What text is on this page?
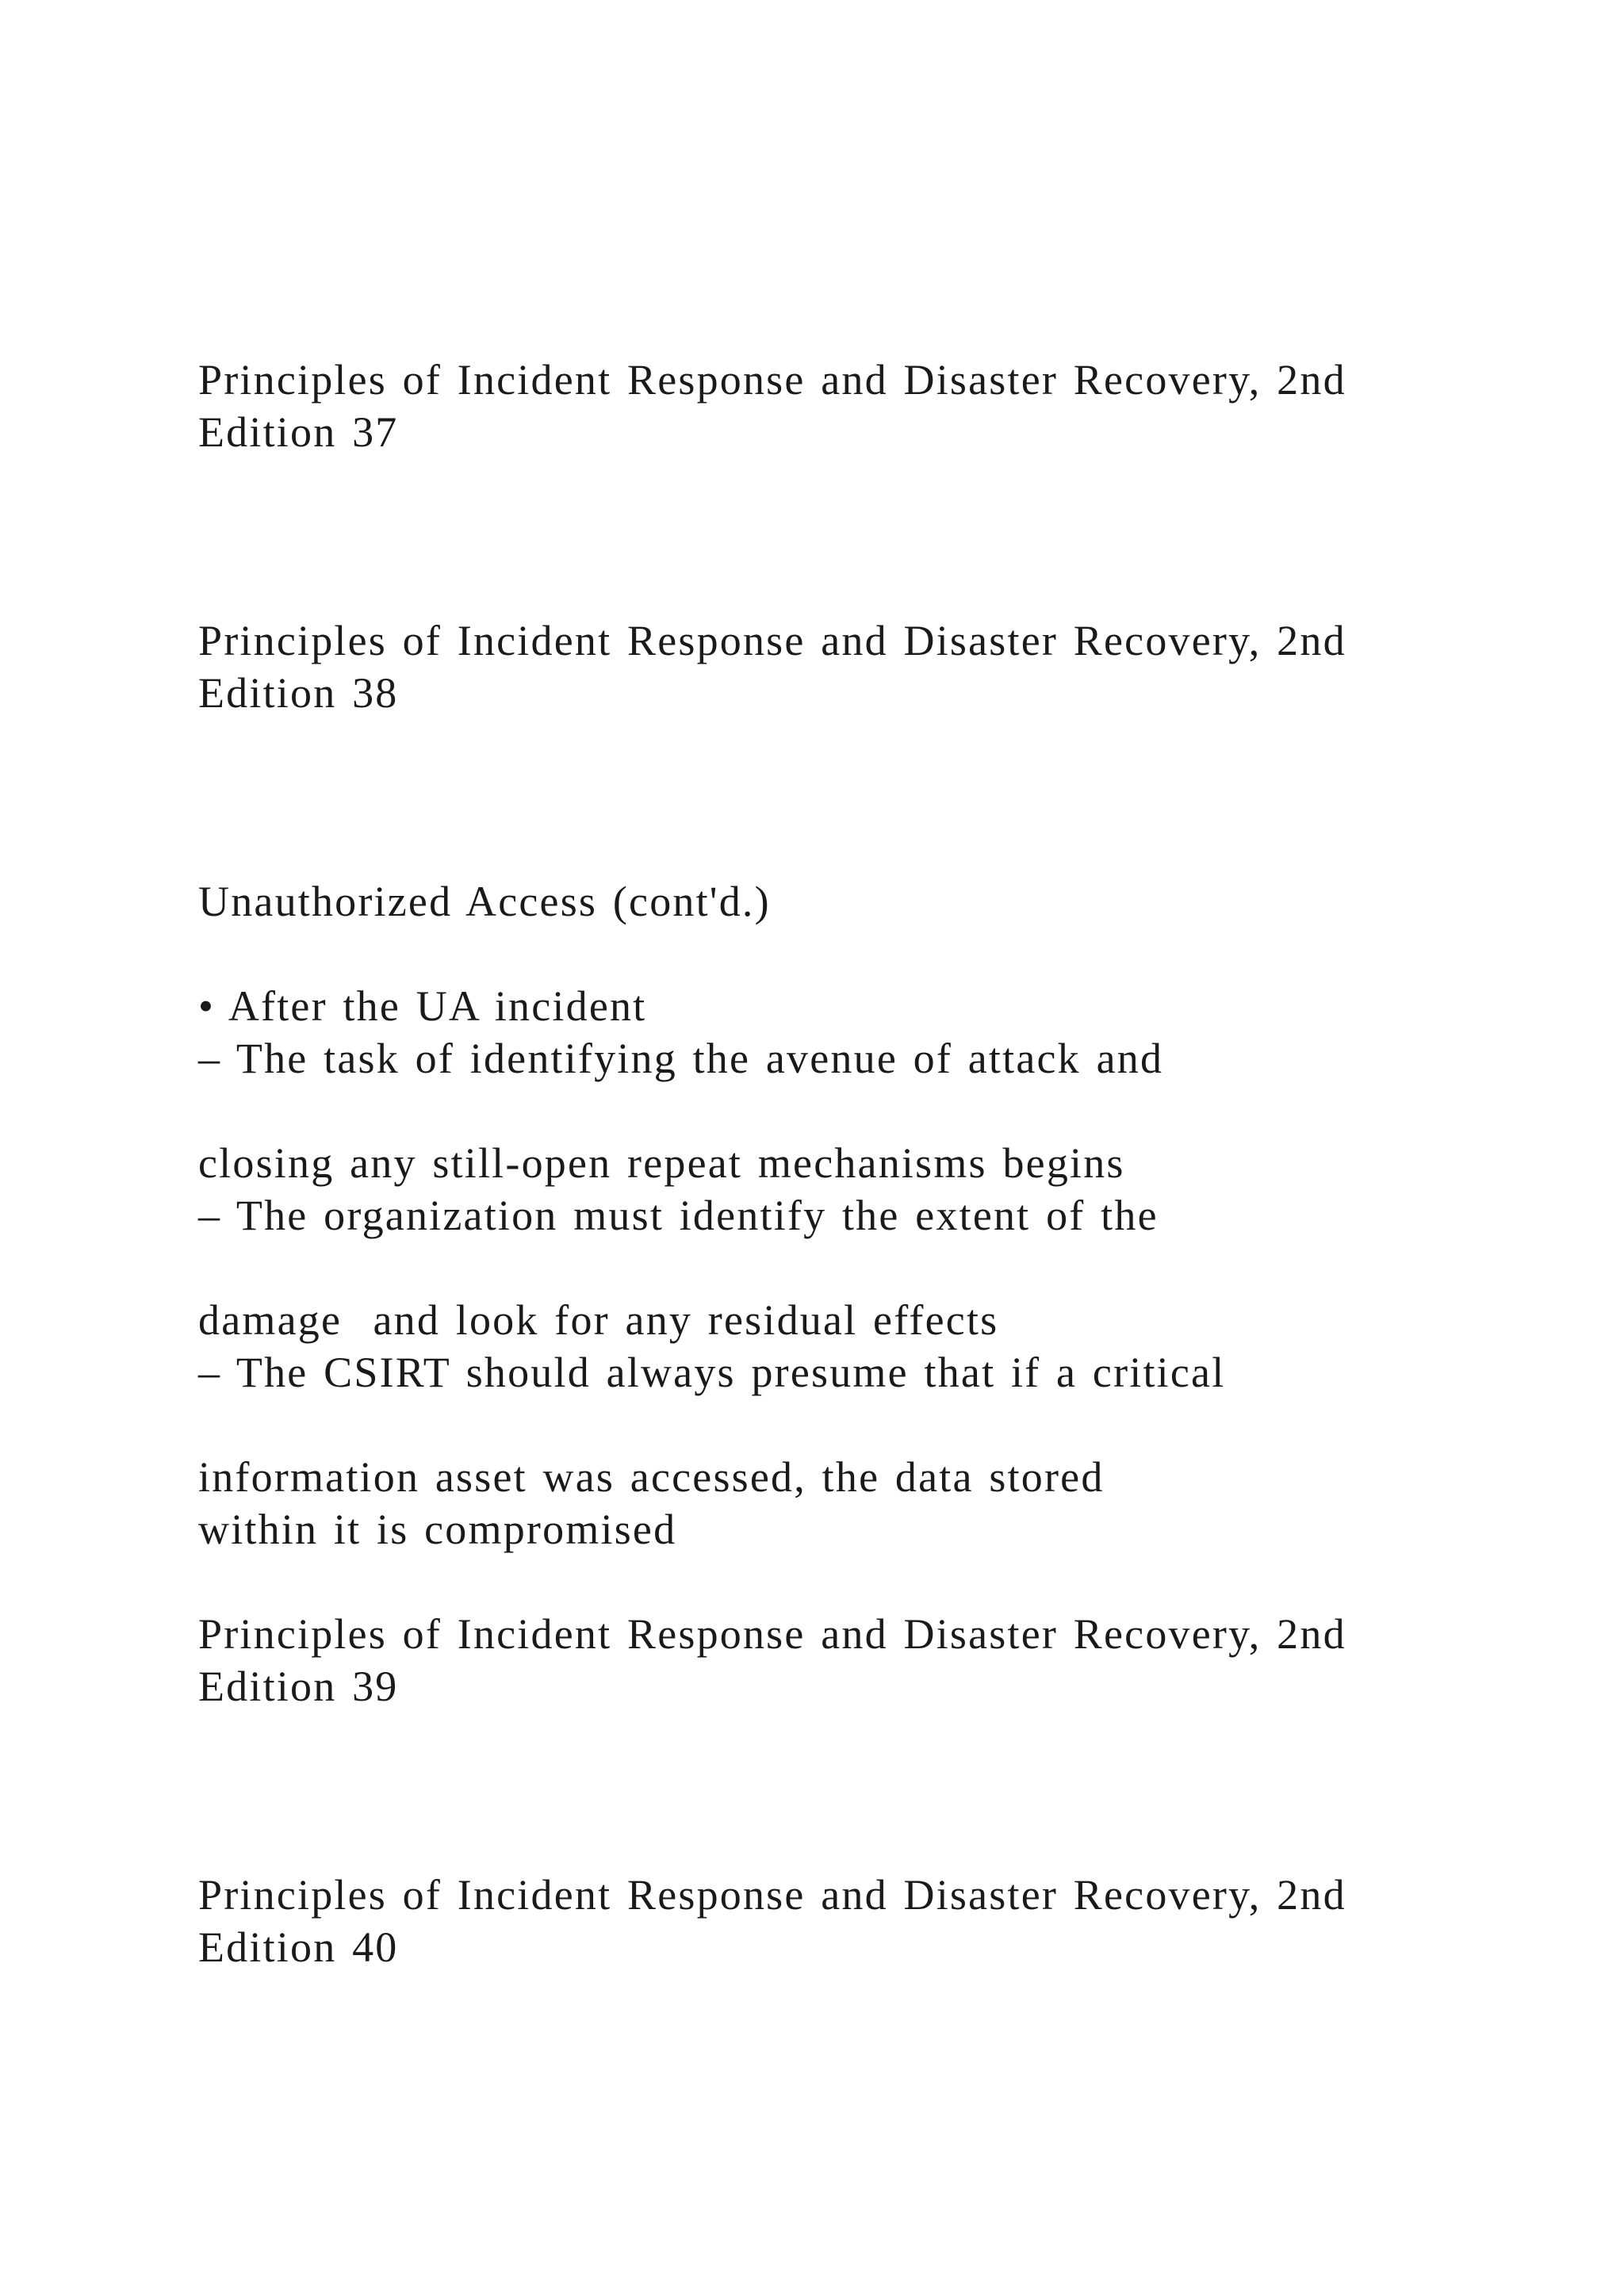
Principles of Incident Response and Disaster Recovery, 2nd

Edition 37

Principles of Incident Response and Disaster Recovery, 2nd

Edition 38

Unauthorized Access (cont'd.)

• After the UA incident

– The task of identifying the avenue of attack and

closing any still-open repeat mechanisms begins

– The organization must identify the extent of the

damage  and look for any residual effects

– The CSIRT should always presume that if a critical

information asset was accessed, the data stored

within it is compromised

Principles of Incident Response and Disaster Recovery, 2nd

Edition 39

Principles of Incident Response and Disaster Recovery, 2nd

Edition 40
